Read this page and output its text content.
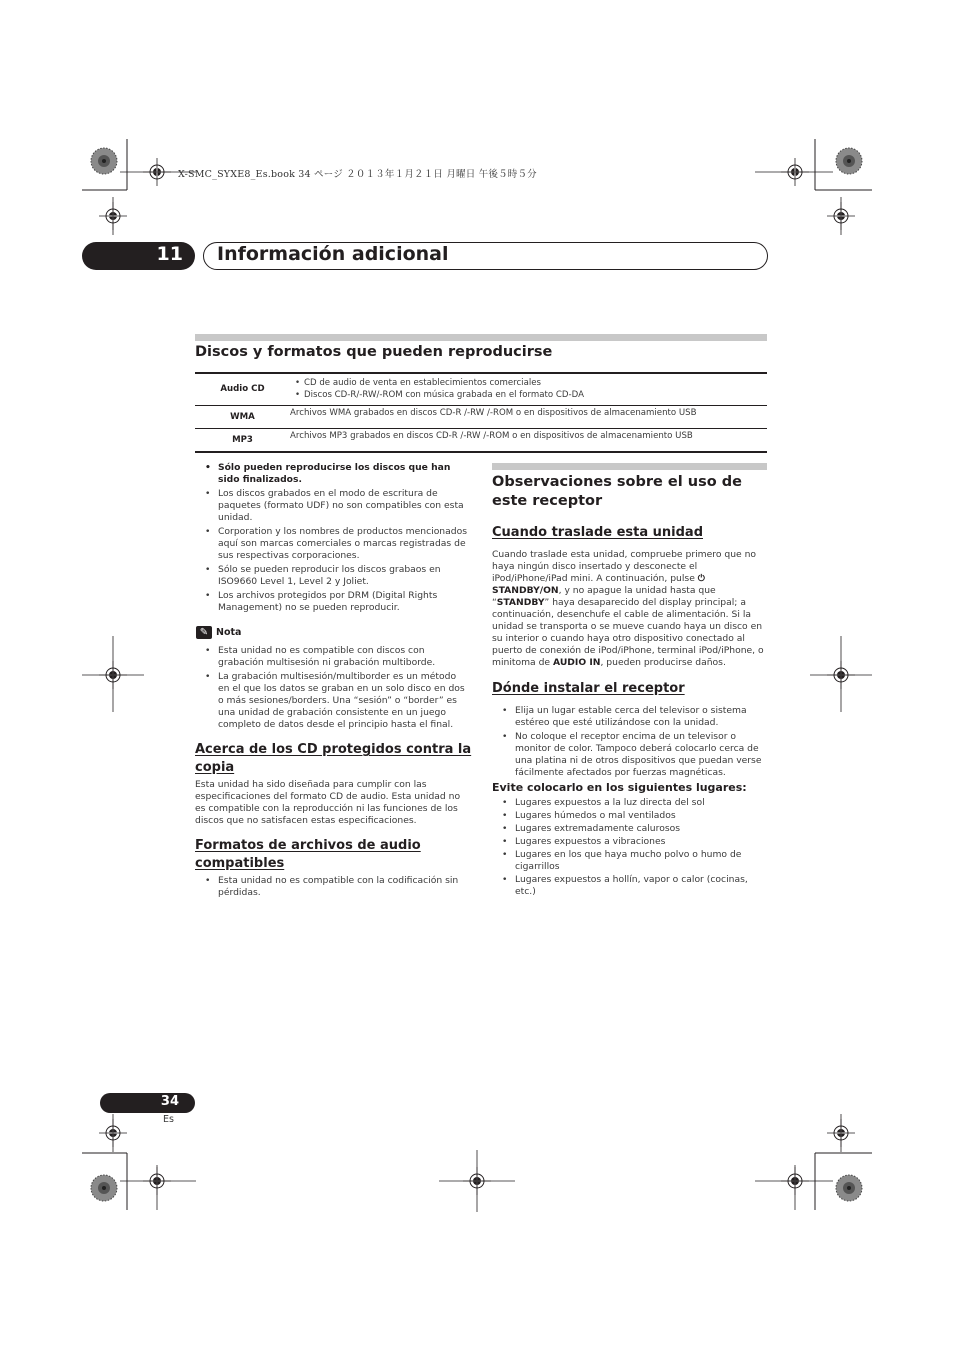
X-SMC_SYXE8_Es.book 34 ページ ２０１３年１月２１日 月曜日 午後５時５分
11 Información adicional
Discos y formatos que pueden reproducirse
Audio CD	• CD de audio de venta en establecimientos comerciales
• Discos CD-R/-RW/-ROM con música grabada en el formato CD-DA

WMA	Archivos WMA grabados en discos CD-R /-RW /-ROM o en dispositivos de almacenamiento USB
MP3	Archivos MP3 grabados en discos CD-R /-RW /-ROM o en dispositivos de almacenamiento USB
• Sólo pueden reproducirse los discos que han sido finalizados.
• Los discos grabados en el modo de escritura de paquetes (formato UDF) no son compatibles con esta unidad.
• Corporation y los nombres de productos mencionados aquí son marcas comerciales o marcas registradas de sus respectivas corporaciones.
• Sólo se pueden reproducir los discos grabaos en ISO9660 Level 1, Level 2 y Joliet.
• Los archivos protegidos por DRM (Digital Rights Management) no se pueden reproducir.
✎ Nota
• Esta unidad no es compatible con discos con grabación multisesión ni grabación multiborde.
• La grabación multisesión/multiborder es un método en el que los datos se graban en un solo disco en dos o más sesiones/borders. Una “sesión” o “border” es una unidad de grabación consistente en un juego completo de datos desde el principio hasta el final.
Acerca de los CD protegidos contra la copia
Esta unidad ha sido diseñada para cumplir con las especificaciones del formato CD de audio. Esta unidad no es compatible con la reproducción ni las funciones de los discos que no satisfacen estas especificaciones.
Formatos de archivos de audio compatibles
• Esta unidad no es compatible con la codificación sin pérdidas.
Observaciones sobre el uso de este receptor
Cuando traslade esta unidad
Cuando traslade esta unidad, compruebe primero que no haya ningún disco insertado y desconecte el iPod/iPhone/iPad mini. A continuación, pulse ⏻ STANDBY/ON, y no apague la unidad hasta que “STANDBY” haya desaparecido del display principal; a continuación, desenchufe el cable de alimentación. Si la unidad se transporta o se mueve cuando haya un disco en su interior o cuando haya otro dispositivo conectado al puerto de conexión de iPod/iPhone, terminal iPod/iPhone, o minitoma de AUDIO IN, pueden producirse daños.
Dónde instalar el receptor
• Elija un lugar estable cerca del televisor o sistema estéreo que esté utilizándose con la unidad.
• No coloque el receptor encima de un televisor o monitor de color. Tampoco deberá colocarlo cerca de una platina ni de otros dispositivos que puedan verse fácilmente afectados por fuerzas magnéticas.
Evite colocarlo en los siguientes lugares:
• Lugares expuestos a la luz directa del sol
• Lugares húmedos o mal ventilados
• Lugares extremadamente calurosos
• Lugares expuestos a vibraciones
• Lugares en los que haya mucho polvo o humo de cigarrillos
• Lugares expuestos a hollín, vapor o calor (cocinas, etc.)
34
Es
